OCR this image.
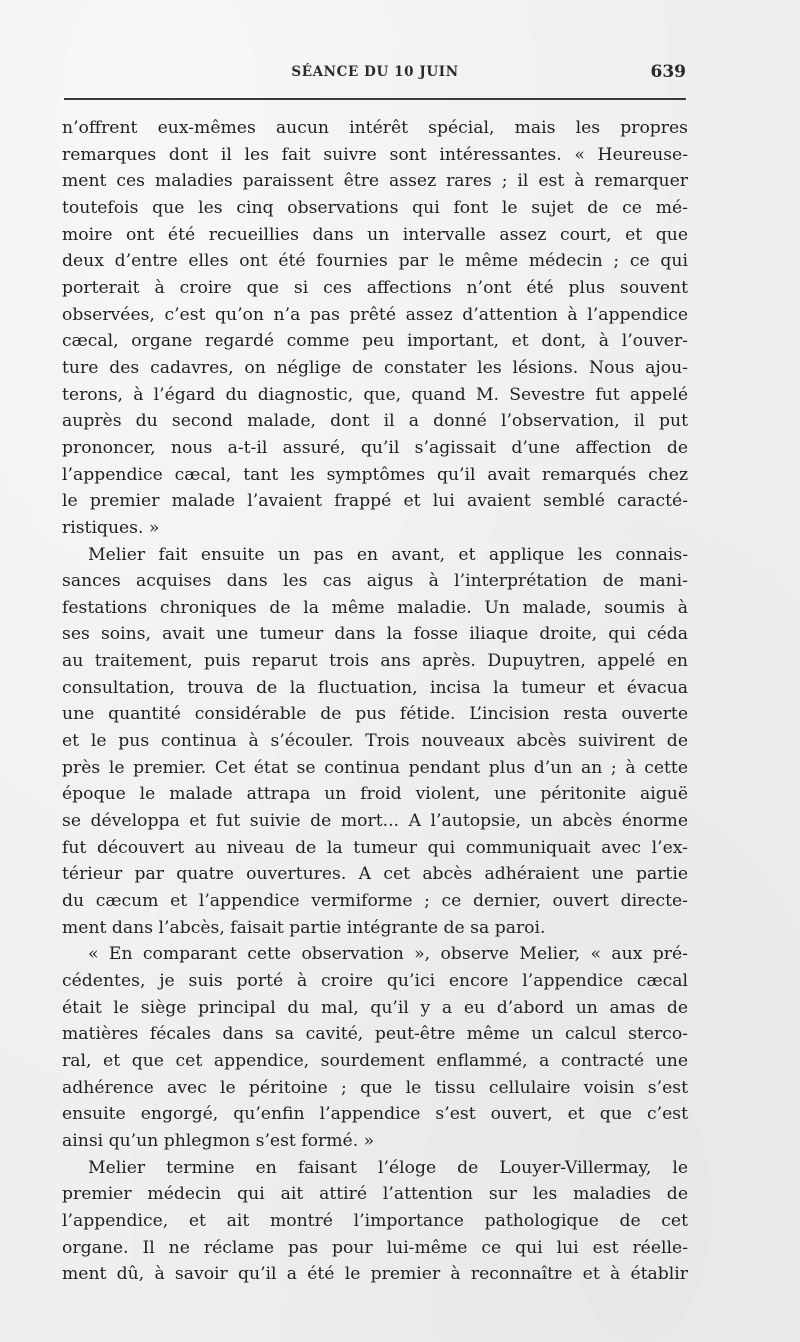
SÉANCE DU 10 JUIN	639
n’offrent eux-mêmes aucun intérêt spécial, mais les propres
remarques dont il les fait suivre sont intéressantes. « Heureuse-
ment ces maladies paraissent être assez rares ; il est à remarquer
toutefois que les cinq observations qui font le sujet de ce mé-
moire ont été recueillies dans un intervalle assez court, et que
deux d’entre elles ont été fournies par le même médecin ; ce qui
porterait à croire que si ces affections n’ont été plus souvent
observées, c’est qu’on n’a pas prêté assez d’attention à l’appendice
cæcal, organe regardé comme peu important, et dont, à l’ouver-
ture des cadavres, on néglige de constater les lésions. Nous ajou-
terons, à l’égard du diagnostic, que, quand M. Sevestre fut appelé
auprès du second malade, dont il a donné l’observation, il put
prononcer, nous a-t-il assuré, qu’il s’agissait d’une affection de
l’appendice cæcal, tant les symptômes qu’il avait remarqués chez
le premier malade l’avaient frappé et lui avaient semblé caracté-
ristiques. »
Melier fait ensuite un pas en avant, et applique les connais-
sances acquises dans les cas aigus à l’interprétation de mani-
festations chroniques de la même maladie. Un malade, soumis à
ses soins, avait une tumeur dans la fosse iliaque droite, qui céda
au traitement, puis reparut trois ans après. Dupuytren, appelé en
consultation, trouva de la fluctuation, incisa la tumeur et évacua
une quantité considérable de pus fétide. L’incision resta ouverte
et le pus continua à s’écouler. Trois nouveaux abcès suivirent de
près le premier. Cet état se continua pendant plus d’un an ; à cette
époque le malade attrapa un froid violent, une péritonite aiguë
se développa et fut suivie de mort... A l’autopsie, un abcès énorme
fut découvert au niveau de la tumeur qui communiquait avec l’ex-
térieur par quatre ouvertures. A cet abcès adhéraient une partie
du cæcum et l’appendice vermiforme ; ce dernier, ouvert directe-
ment dans l’abcès, faisait partie intégrante de sa paroi.
« En comparant cette observation », observe Melier, « aux pré-
cédentes, je suis porté à croire qu’ici encore l’appendice cæcal
était le siège principal du mal, qu’il y a eu d’abord un amas de
matières fécales dans sa cavité, peut-être même un calcul sterco-
ral, et que cet appendice, sourdement enflammé, a contracté une
adhérence avec le péritoine ; que le tissu cellulaire voisin s’est
ensuite engorgé, qu’enfin l’appendice s’est ouvert, et que c’est
ainsi qu’un phlegmon s’est formé. »
Melier termine en faisant l’éloge de Louyer-Villermay, le
premier médecin qui ait attiré l’attention sur les maladies de
l’appendice, et ait montré l’importance pathologique de cet
organe. Il ne réclame pas pour lui-même ce qui lui est réelle-
ment dû, à savoir qu’il a été le premier à reconnaître et à établir
